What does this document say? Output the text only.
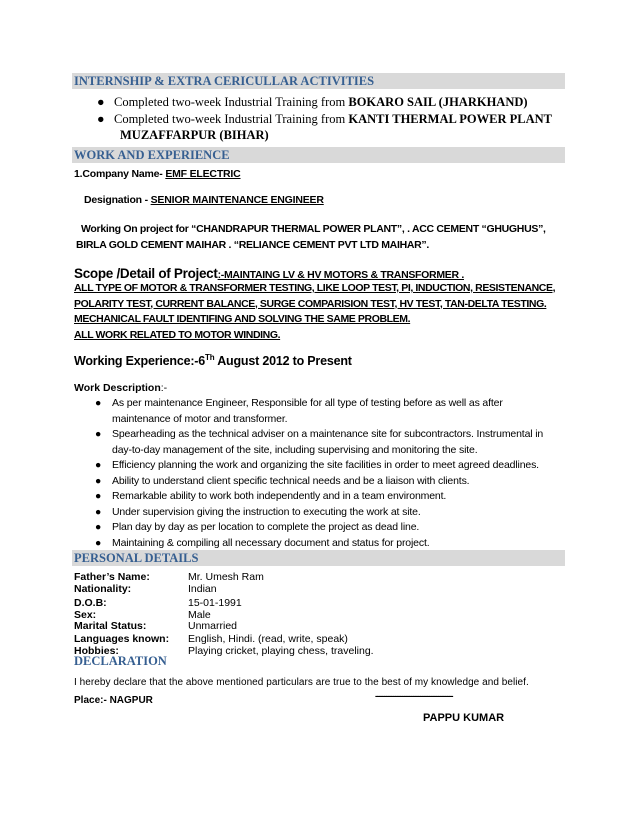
INTERNSHIP & EXTRA CERICULLAR ACTIVITIES
● Completed two-week Industrial Training from BOKARO SAIL (JHARKHAND)
● Completed two-week Industrial Training from KANTI THERMAL POWER PLANT
MUZAFFARPUR (BIHAR)
WORK AND EXPERIENCE
1.Company Name- EMF ELECTRIC
Designation - SENIOR MAINTENANCE ENGINEER
Working On project for “CHANDRAPUR THERMAL POWER PLANT”, . ACC CEMENT “GHUGHUS”,
BIRLA GOLD CEMENT MAIHAR . “RELIANCE CEMENT PVT LTD MAIHAR”.
Scope /Detail of Project:-MAINTAING LV & HV MOTORS & TRANSFORMER .
ALL TYPE OF MOTOR & TRANSFORMER TESTING, LIKE LOOP TEST, PI, INDUCTION, RESISTENANCE,
POLARITY TEST, CURRENT BALANCE, SURGE COMPARISION TEST, HV TEST, TAN-DELTA TESTING.
MECHANICAL FAULT IDENTIFING AND SOLVING THE SAME PROBLEM.
ALL WORK RELATED TO MOTOR WINDING.
Working Experience:-6Th August 2012 to Present
Work Description:-
● As per maintenance Engineer, Responsible for all type of testing before as well as after
maintenance of motor and transformer.
● Spearheading as the technical adviser on a maintenance site for subcontractors. Instrumental in
day-to-day management of the site, including supervising and monitoring the site.
● Efficiency planning the work and organizing the site facilities in order to meet agreed deadlines.
● Ability to understand client specific technical needs and be a liaison with clients.
● Remarkable ability to work both independently and in a team environment.
● Under supervision giving the instruction to executing the work at site.
● Plan day by day as per location to complete the project as dead line.
● Maintaining & compiling all necessary document and status for project.
PERSONAL DETAILS
Father’s Name:	Mr. Umesh Ram
Nationality:	Indian
D.O.B:	15-01-1991
Sex:	Male
Marital Status:	Unmarried
Languages known: English, Hindi. (read, write, speak)
Hobbies:	Playing cricket, playing chess, traveling.
DECLARATION
I hereby declare that the above mentioned particulars are true to the best of my knowledge and belief.
Place:- NAGPUR	-------------------------------------------
PAPPU KUMAR
